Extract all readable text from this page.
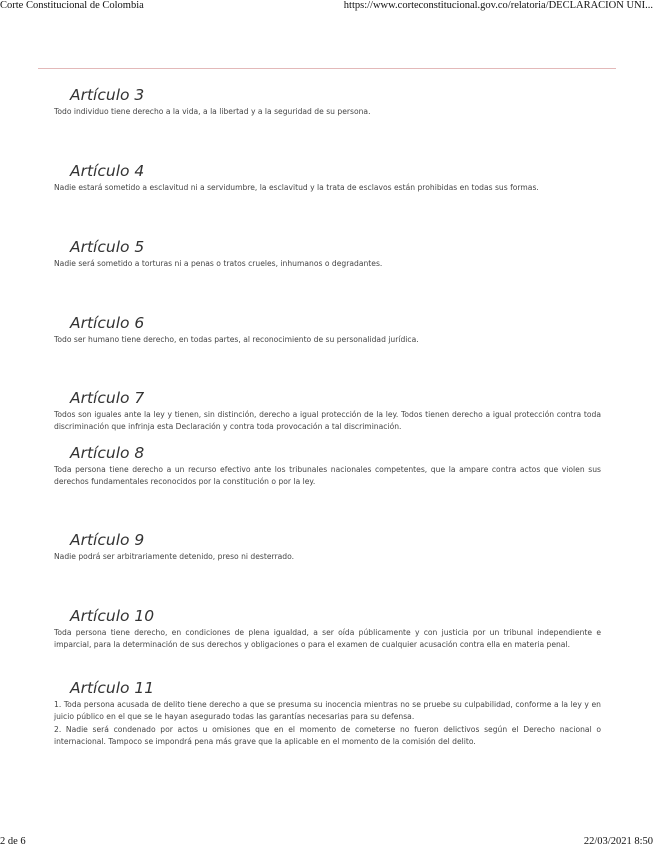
Corte Constitucional de Colombia	https://www.corteconstitucional.gov.co/relatoria/DECLARACION UNI...
Artículo 3

Todo individuo tiene derecho a la vida, a la libertad y a la seguridad de su persona.

Artículo 4

Nadie estará sometido a esclavitud ni a servidumbre, la esclavitud y la trata de esclavos están prohibidas en todas sus formas.

Artículo 5

Nadie será sometido a torturas ni a penas o tratos crueles, inhumanos o degradantes.

Artículo 6

Todo ser humano tiene derecho, en todas partes, al reconocimiento de su personalidad jurídica.

Artículo 7

Todos son iguales ante la ley y tienen, sin distinción, derecho a igual protección de la ley. Todos tienen derecho a igual protección contra toda discriminación que infrinja esta Declaración y contra toda provocación a tal discriminación.

Artículo 8

Toda persona tiene derecho a un recurso efectivo ante los tribunales nacionales competentes, que la ampare contra actos que violen sus derechos fundamentales reconocidos por la constitución o por la ley.

Artículo 9

Nadie podrá ser arbitrariamente detenido, preso ni desterrado.

Artículo 10

Toda persona tiene derecho, en condiciones de plena igualdad, a ser oída públicamente y con justicia por un tribunal independiente e imparcial, para la determinación de sus derechos y obligaciones o para el examen de cualquier acusación contra ella en materia penal.

Artículo 11

1. Toda persona acusada de delito tiene derecho a que se presuma su inocencia mientras no se pruebe su culpabilidad, conforme a la ley y en juicio público en el que se le hayan asegurado todas las garantías necesarias para su defensa.

2. Nadie será condenado por actos u omisiones que en el momento de cometerse no fueron delictivos según el Derecho nacional o internacional. Tampoco se impondrá pena más grave que la aplicable en el momento de la comisión del delito.

2 de 6	22/03/2021 8:50
